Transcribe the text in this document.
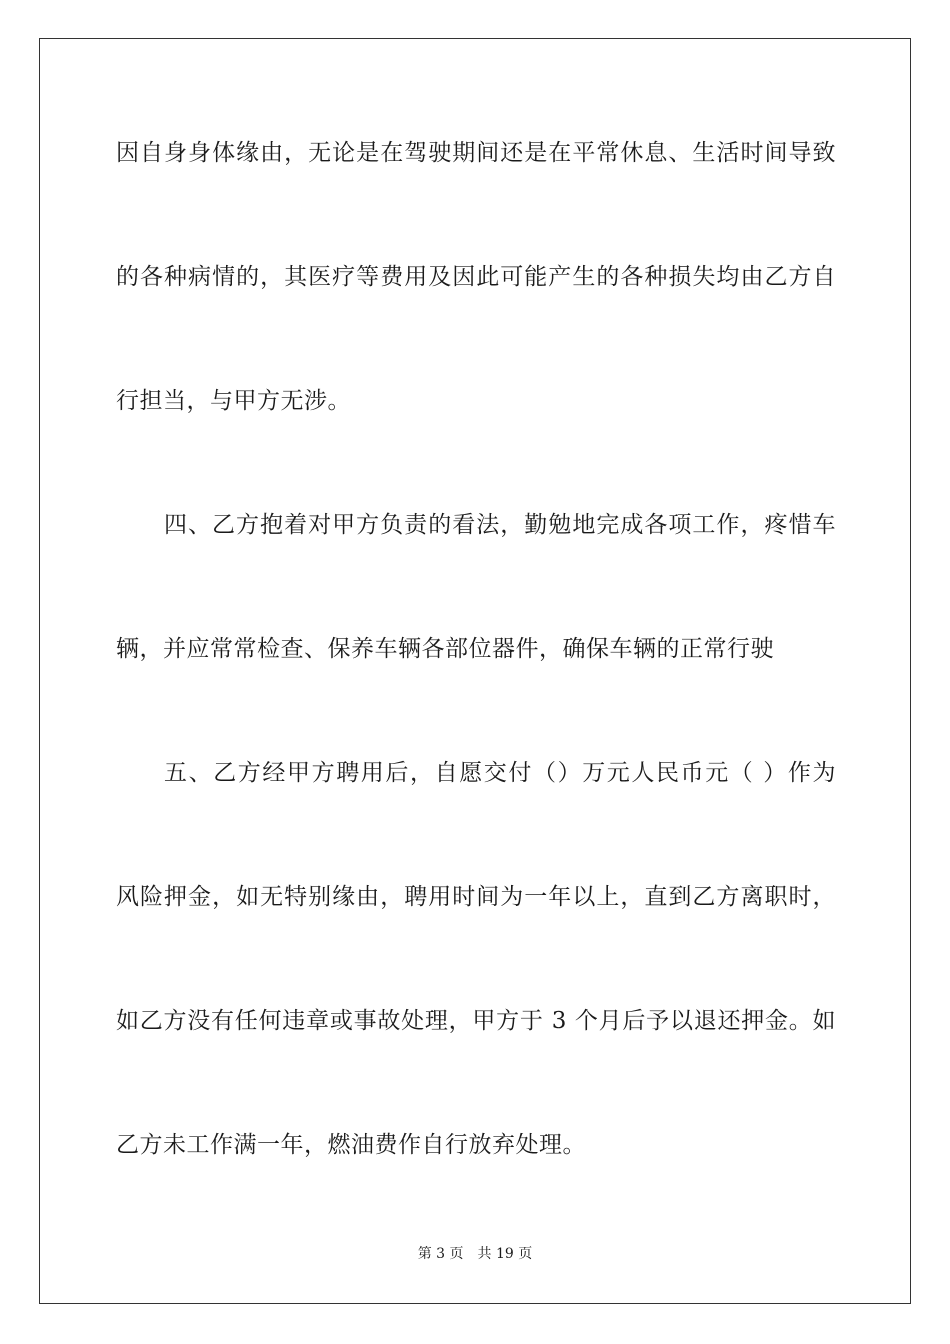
因自身身体缘由，无论是在驾驶期间还是在平常休息、生活时间导致
的各种病情的，其医疗等费用及因此可能产生的各种损失均由乙方自
行担当，与甲方无涉。
四、乙方抱着对甲方负责的看法，勤勉地完成各项工作，疼惜车
辆，并应常常检查、保养车辆各部位器件，确保车辆的正常行驶
五、乙方经甲方聘用后，自愿交付（）万元人民币元（ ）作为
风险押金，如无特别缘由，聘用时间为一年以上，直到乙方离职时，
如乙方没有任何违章或事故处理，甲方于 3 个月后予以退还押金。如
乙方未工作满一年，燃油费作自行放弃处理。
第 3 页 共 19 页
